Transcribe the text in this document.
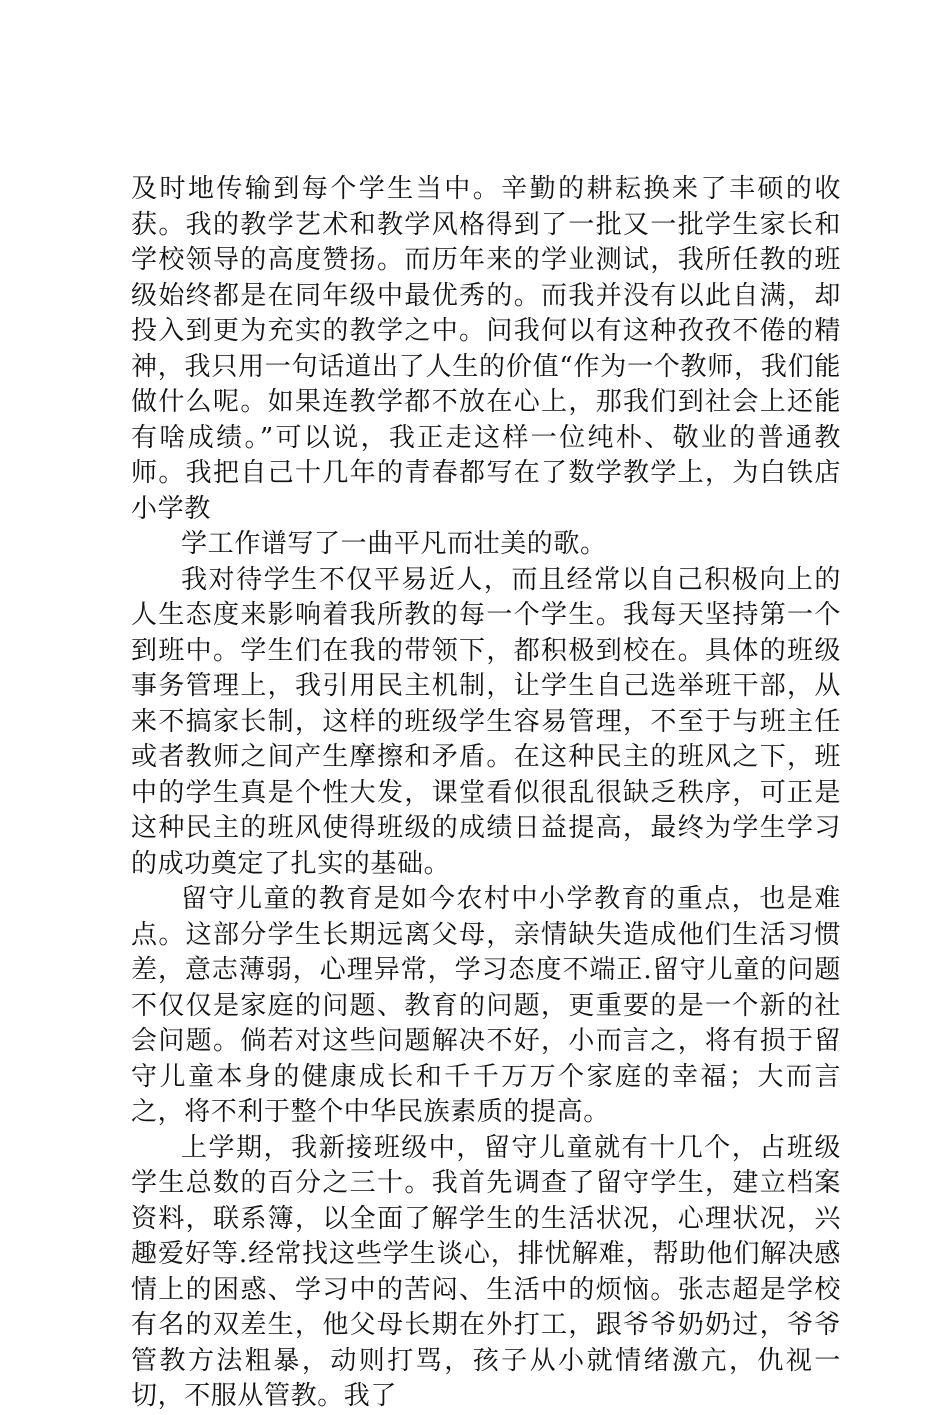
及时地传输到每个学生当中。辛勤的耕耘换来了丰硕的收获。我的教学艺术和教学风格得到了一批又一批学生家长和学校领导的高度赞扬。而历年来的学业测试，我所任教的班级始终都是在同年级中最优秀的。而我并没有以此自满，却投入到更为充实的教学之中。问我何以有这种孜孜不倦的精神，我只用一句话道出了人生的价值“作为一个教师，我们能做什么呢。如果连教学都不放在心上，那我们到社会上还能有啥成绩。”可以说，我正走这样一位纯朴、敬业的普通教师。我把自己十几年的青春都写在了数学教学上，为白铁店小学教

学工作谱写了一曲平凡而壮美的歌。

我对待学生不仅平易近人，而且经常以自己积极向上的人生态度来影响着我所教的每一个学生。我每天坚持第一个到班中。学生们在我的带领下，都积极到校在。具体的班级事务管理上，我引用民主机制，让学生自己选举班干部，从来不搞家长制，这样的班级学生容易管理，不至于与班主任或者教师之间产生摩擦和矛盾。在这种民主的班风之下，班中的学生真是个性大发，课堂看似很乱很缺乏秩序，可正是这种民主的班风使得班级的成绩日益提高，最终为学生学习的成功奠定了扎实的基础。

留守儿童的教育是如今农村中小学教育的重点，也是难点。这部分学生长期远离父母，亲情缺失造成他们生活习惯差，意志薄弱，心理异常，学习态度不端正.留守儿童的问题不仅仅是家庭的问题、教育的问题，更重要的是一个新的社会问题。倘若对这些问题解决不好，小而言之，将有损于留守儿童本身的健康成长和千千万万个家庭的幸福；大而言之，将不利于整个中华民族素质的提高。

上学期，我新接班级中，留守儿童就有十几个，占班级学生总数的百分之三十。我首先调查了留守学生，建立档案资料，联系簿，以全面了解学生的生活状况，心理状况，兴趣爱好等.经常找这些学生谈心，排忧解难，帮助他们解决感情上的困惑、学习中的苦闷、生活中的烦恼。张志超是学校有名的双差生，他父母长期在外打工，跟爷爷奶奶过，爷爷管教方法粗暴，动则打骂，孩子从小就情绪激亢，仇视一切，不服从管教。我了
